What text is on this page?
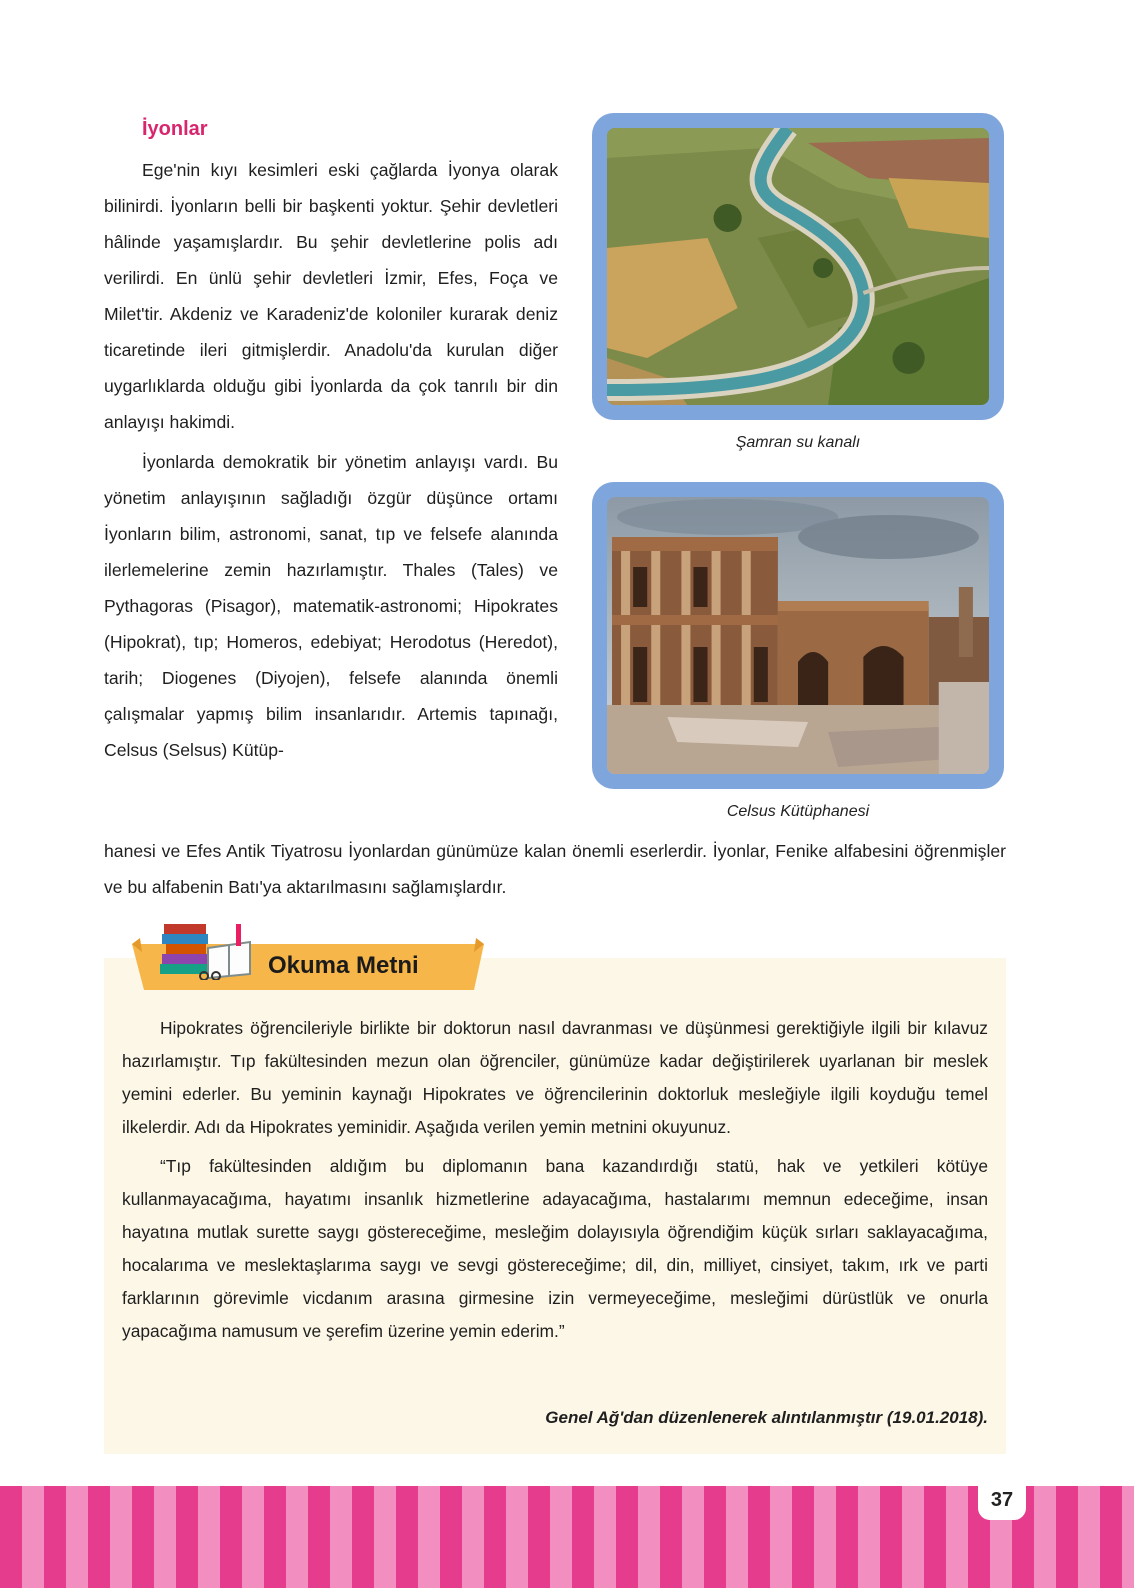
İyonlar

Ege'nin kıyı kesimleri eski çağlarda İyonya olarak bilinirdi. İyonların belli bir başkenti yoktur. Şehir devletleri hâlinde yaşamışlardır. Bu şehir devletlerine polis adı verilirdi. En ünlü şehir devletleri İzmir, Efes, Foça ve Milet'tir. Akdeniz ve Karadeniz'de koloniler kurarak deniz ticaretinde ileri gitmişlerdir. Anadolu'da kurulan diğer uygarlıklarda olduğu gibi İyonlarda da çok tanrılı bir din anlayışı hakimdi.

İyonlarda demokratik bir yönetim anlayışı vardı. Bu yönetim anlayışının sağladığı özgür düşünce ortamı İyonların bilim, astronomi, sanat, tıp ve felsefe alanında ilerlemelerine zemin hazırlamıştır. Thales (Tales) ve Pythagoras (Pisagor), matematik-astronomi; Hipokrates (Hipokrat), tıp; Homeros, edebiyat; Herodotus (Heredot), tarih; Diogenes (Diyojen), felsefe alanında önemli çalışmalar yapmış bilim insanlarıdır. Artemis tapınağı, Celsus (Selsus) Kütüp-

hanesi ve Efes Antik Tiyatrosu İyonlardan günümüze kalan önemli eserlerdir. İyonlar, Fenike alfabesini öğrenmişler ve bu alfabenin Batı'ya aktarılmasını sağlamışlardır.

Şamran su kanalı
Celsus Kütüphanesi
Okuma Metni

Hipokrates öğrencileriyle birlikte bir doktorun nasıl davranması ve düşünmesi gerektiğiyle ilgili bir kılavuz hazırlamıştır. Tıp fakültesinden mezun olan öğrenciler, günümüze kadar değiştirilerek uyarlanan bir meslek yemini ederler. Bu yeminin kaynağı Hipokrates ve öğrencilerinin doktorluk mesleğiyle ilgili koyduğu temel ilkelerdir. Adı da Hipokrates yeminidir. Aşağıda verilen yemin metnini okuyunuz.

“Tıp fakültesinden aldığım bu diplomanın bana kazandırdığı statü, hak ve yetkileri kötüye kullanmayacağıma, hayatımı insanlık hizmetlerine adayacağıma, hastalarımı memnun edeceğime, insan hayatına mutlak surette saygı göstereceğime, mesleğim dolayısıyla öğrendiğim küçük sırları saklayacağıma, hocalarıma ve meslektaşlarıma saygı ve sevgi göstereceğime; dil, din, milliyet, cinsiyet, takım, ırk ve parti farklarının görevimle vicdanım arasına girmesine izin vermeyeceğime, mesleğimi dürüstlük ve onurla yapacağıma namusum ve şerefim üzerine yemin ederim.”

Genel Ağ'dan düzenlenerek alıntılanmıştır (19.01.2018).

37
